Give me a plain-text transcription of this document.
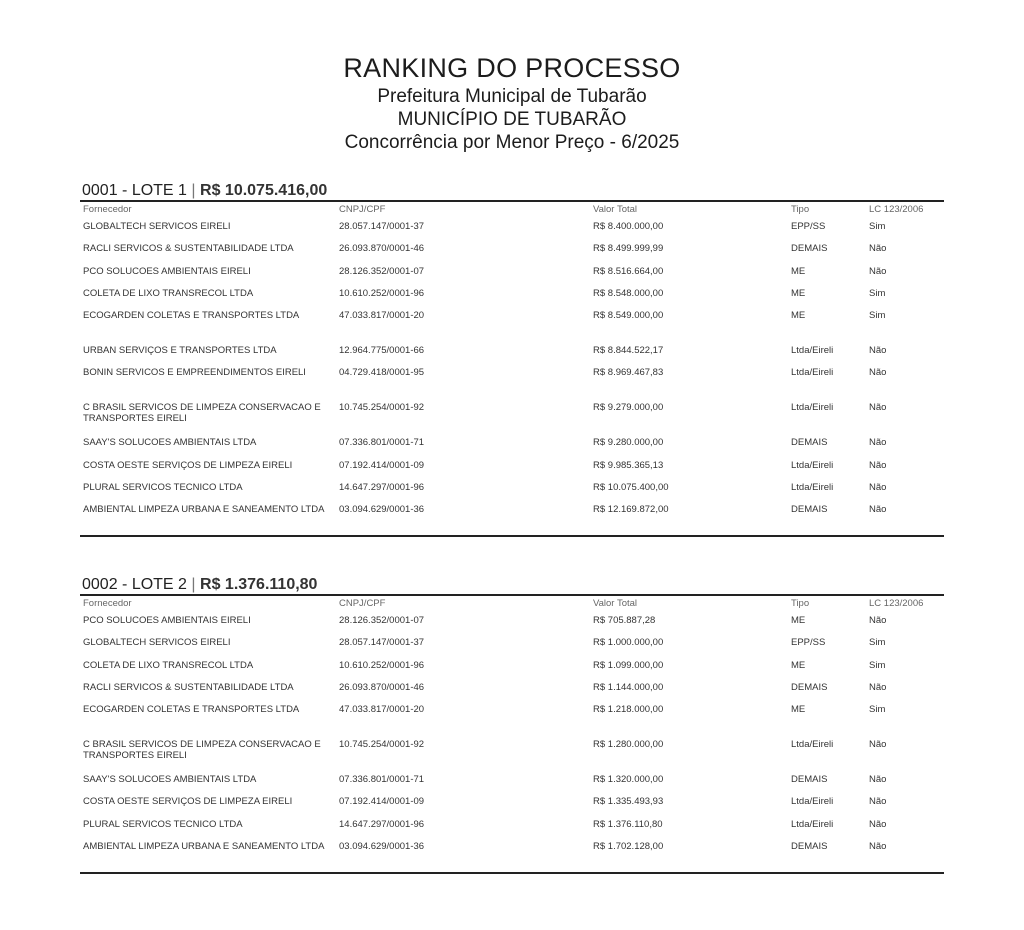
RANKING DO PROCESSO
Prefeitura Municipal de Tubarão
MUNICÍPIO DE TUBARÃO
Concorrência por Menor Preço - 6/2025
0001 - LOTE 1 | R$ 10.075.416,00
Fornecedor	CNPJ/CPF	Valor Total	Tipo	LC 123/2006
GLOBALTECH SERVICOS EIRELI	28.057.147/0001-37	R$ 8.400.000,00	EPP/SS	Sim
RACLI SERVICOS & SUSTENTABILIDADE LTDA	26.093.870/0001-46	R$ 8.499.999,99	DEMAIS	Não
PCO SOLUCOES AMBIENTAIS EIRELI	28.126.352/0001-07	R$ 8.516.664,00	ME	Não
COLETA DE LIXO TRANSRECOL LTDA	10.610.252/0001-96	R$ 8.548.000,00	ME	Sim
ECOGARDEN COLETAS E TRANSPORTES LTDA	47.033.817/0001-20	R$ 8.549.000,00	ME	Sim
URBAN SERVIÇOS E TRANSPORTES LTDA	12.964.775/0001-66	R$ 8.844.522,17	Ltda/Eireli	Não
BONIN SERVICOS E EMPREENDIMENTOS EIRELI	04.729.418/0001-95	R$ 8.969.467,83	Ltda/Eireli	Não
C BRASIL SERVICOS DE LIMPEZA CONSERVACAO E TRANSPORTES EIRELI	10.745.254/0001-92	R$ 9.279.000,00	Ltda/Eireli	Não
SAAY'S SOLUCOES AMBIENTAIS LTDA	07.336.801/0001-71	R$ 9.280.000,00	DEMAIS	Não
COSTA OESTE SERVIÇOS DE LIMPEZA EIRELI	07.192.414/0001-09	R$ 9.985.365,13	Ltda/Eireli	Não
PLURAL SERVICOS TECNICO LTDA	14.647.297/0001-96	R$ 10.075.400,00	Ltda/Eireli	Não
AMBIENTAL LIMPEZA URBANA E SANEAMENTO LTDA	03.094.629/0001-36	R$ 12.169.872,00	DEMAIS	Não
0002 - LOTE 2 | R$ 1.376.110,80
Fornecedor	CNPJ/CPF	Valor Total	Tipo	LC 123/2006
PCO SOLUCOES AMBIENTAIS EIRELI	28.126.352/0001-07	R$ 705.887,28	ME	Não
GLOBALTECH SERVICOS EIRELI	28.057.147/0001-37	R$ 1.000.000,00	EPP/SS	Sim
COLETA DE LIXO TRANSRECOL LTDA	10.610.252/0001-96	R$ 1.099.000,00	ME	Sim
RACLI SERVICOS & SUSTENTABILIDADE LTDA	26.093.870/0001-46	R$ 1.144.000,00	DEMAIS	Não
ECOGARDEN COLETAS E TRANSPORTES LTDA	47.033.817/0001-20	R$ 1.218.000,00	ME	Sim
C BRASIL SERVICOS DE LIMPEZA CONSERVACAO E TRANSPORTES EIRELI	10.745.254/0001-92	R$ 1.280.000,00	Ltda/Eireli	Não
SAAY'S SOLUCOES AMBIENTAIS LTDA	07.336.801/0001-71	R$ 1.320.000,00	DEMAIS	Não
COSTA OESTE SERVIÇOS DE LIMPEZA EIRELI	07.192.414/0001-09	R$ 1.335.493,93	Ltda/Eireli	Não
PLURAL SERVICOS TECNICO LTDA	14.647.297/0001-96	R$ 1.376.110,80	Ltda/Eireli	Não
AMBIENTAL LIMPEZA URBANA E SANEAMENTO LTDA	03.094.629/0001-36	R$ 1.702.128,00	DEMAIS	Não
